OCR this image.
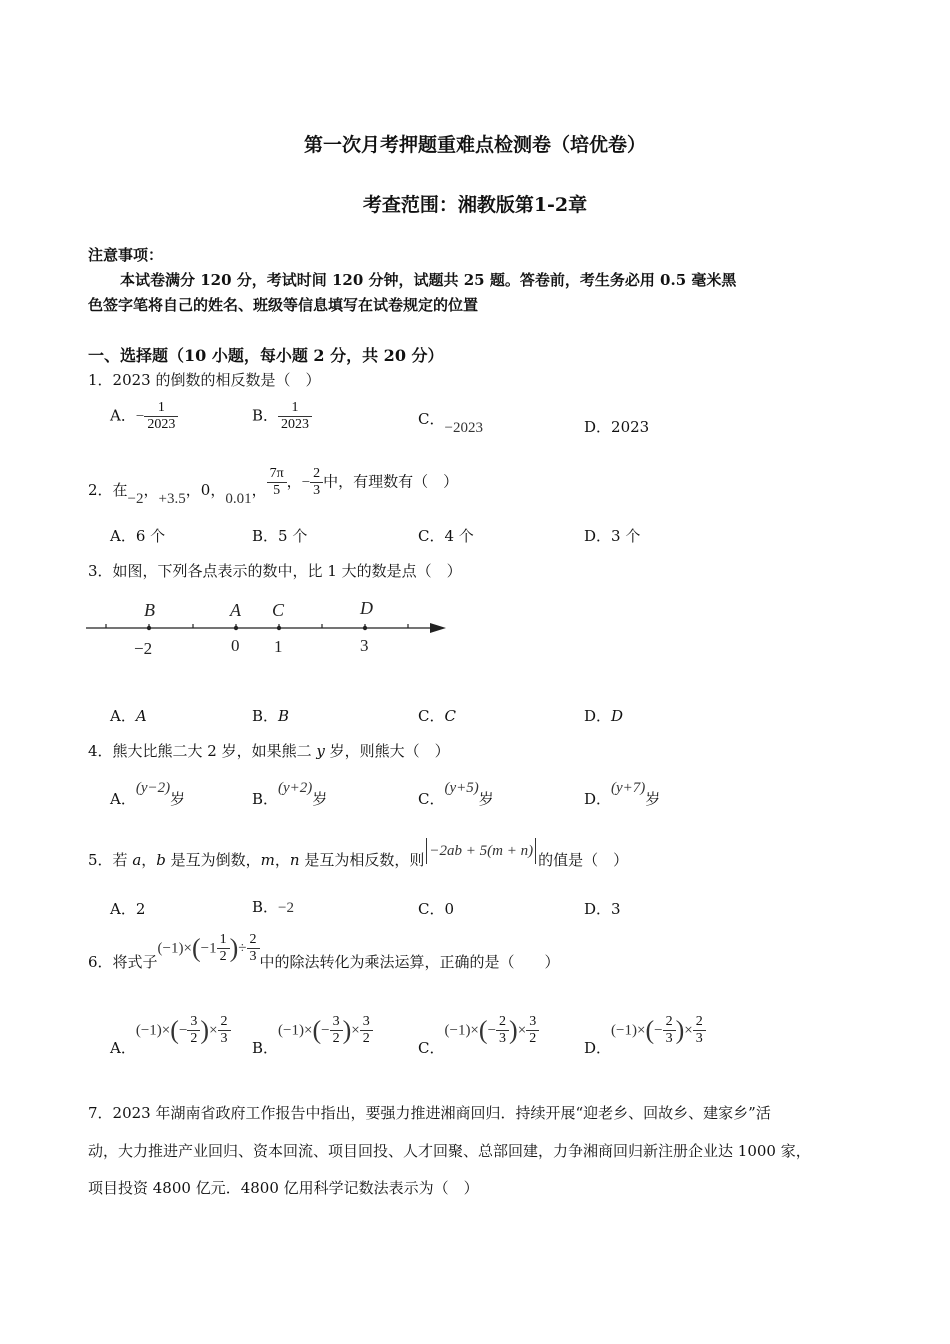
第一次月考押题重难点检测卷（培优卷）
考查范围：湘教版第1-2章
注意事项：
本试卷满分 120 分，考试时间 120 分钟，试题共 25 题。答卷前，考生务必用 0.5 毫米黑
色签字笔将自己的姓名、班级等信息填写在试卷规定的位置
一、选择题（10 小题，每小题 2 分，共 20 分）
1．2023 的倒数的相反数是（　）
A．− $\frac{1}{2023}$	B． $\frac{1}{2023}$	C．−2023	D．2023
2．在−2，+3.5，0，0.01， $\frac{7\pi}{5}$ ，− $\frac{2}{3}$ 中，有理数有（　）
A．6 个	B．5 个	C．4 个	D．3 个
3．如图，下列各点表示的数中，比 1 大的数是点（　）
B	A C	D
−2	0 1	3
A．A	B．B	C．C	D．D
4．熊大比熊二大 2 岁，如果熊二 y 岁，则熊大（　）
A．(y−2)岁	B．(y+2)岁	C．(y+5)岁	D．(y+7)岁
5．若 a，b 是互为倒数，m，n 是互为相反数，则 −2ab + 5(m + n) 的值是（　）
A．2	B．−2	C．0	D．3
6．将式子$(-1)\times(-1 \frac{1}{2}$ )÷ $\frac{2}{3}$ 中的除法转化为乘法运算，正确的是（　　）
A．$(-1)\times(- \frac{3}{2}$ )× $\frac{2}{3}$
B．$(-1)\times(- \frac{3}{2}$ )× $\frac{3}{2}$
C．$(-1)\times(- \frac{2}{3}$ )× $\frac{3}{2}$
D．$(-1)\times(- \frac{2}{3}$ )× $\frac{2}{3}$
7．2023 年湖南省政府工作报告中指出，要强力推进湘商回归．持续开展“迎老乡、回故乡、建家乡”活
动，大力推进产业回归、资本回流、项目回投、人才回聚、总部回建，力争湘商回归新注册企业达 1000 家，
项目投资 4800 亿元．4800 亿用科学记数法表示为（　）
